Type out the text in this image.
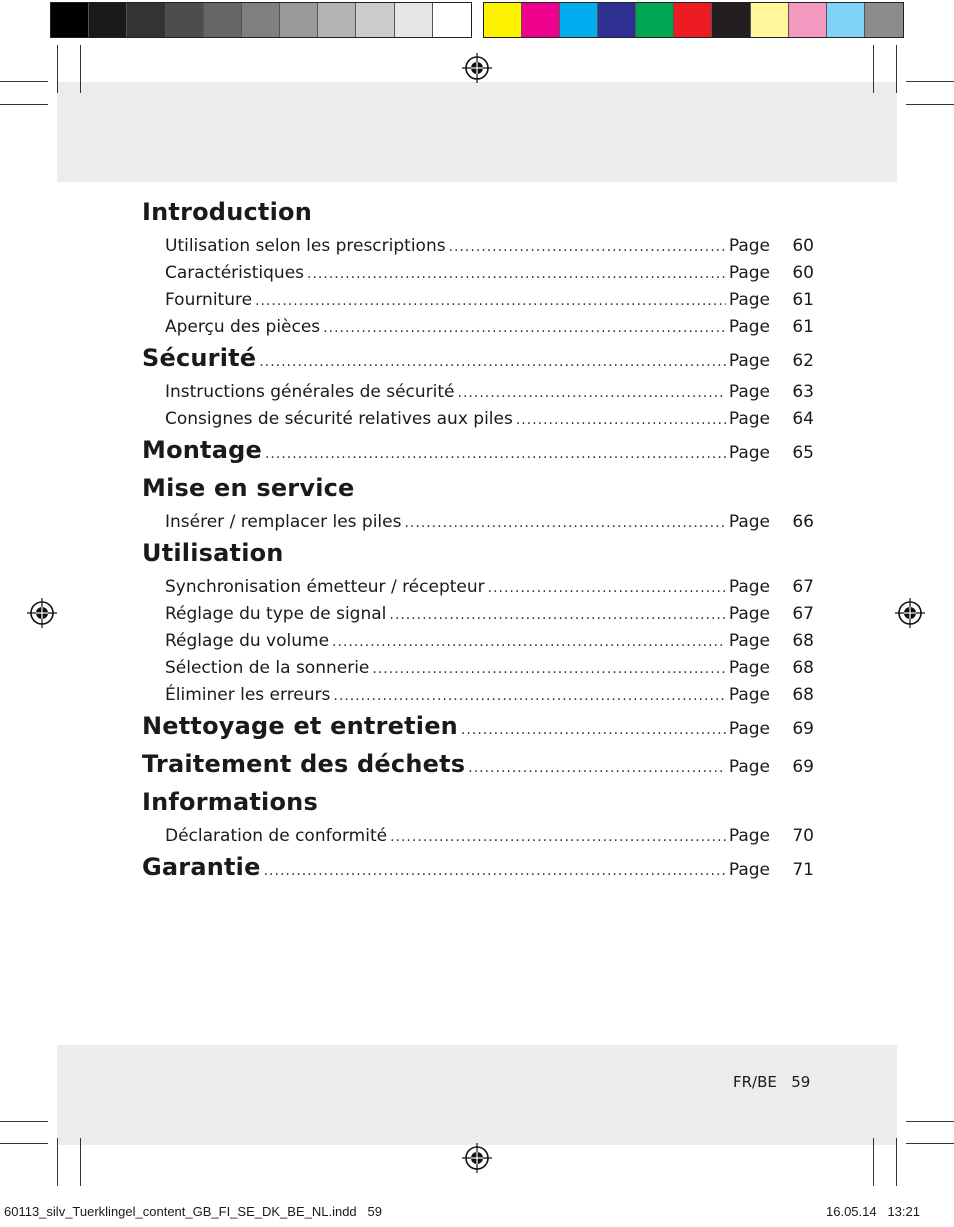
Introduction
Utilisation selon les prescriptions .....	Page	60
Caractéristiques .....	Page	60
Fourniture .....	Page	61
Aperçu des pièces .....	Page	61
Sécurité .....	Page	62
Instructions générales de sécurité .....	Page	63
Consignes de sécurité relatives aux piles .....	Page	64
Montage .....	Page	65
Mise en service
Insérer / remplacer les piles .....	Page	66
Utilisation
Synchronisation émetteur / récepteur .....	Page	67
Réglage du type de signal .....	Page	67
Réglage du volume .....	Page	68
Sélection de la sonnerie .....	Page	68
Éliminer les erreurs .....	Page	68
Nettoyage et entretien .....	Page	69
Traitement des déchets .....	Page	69
Informations
Déclaration de conformité .....	Page	70
Garantie .....	Page	71
FR/BE 59
60113_silv_Tuerklingel_content_GB_FI_SE_DK_BE_NL.indd 59	16.05.14 13:21
